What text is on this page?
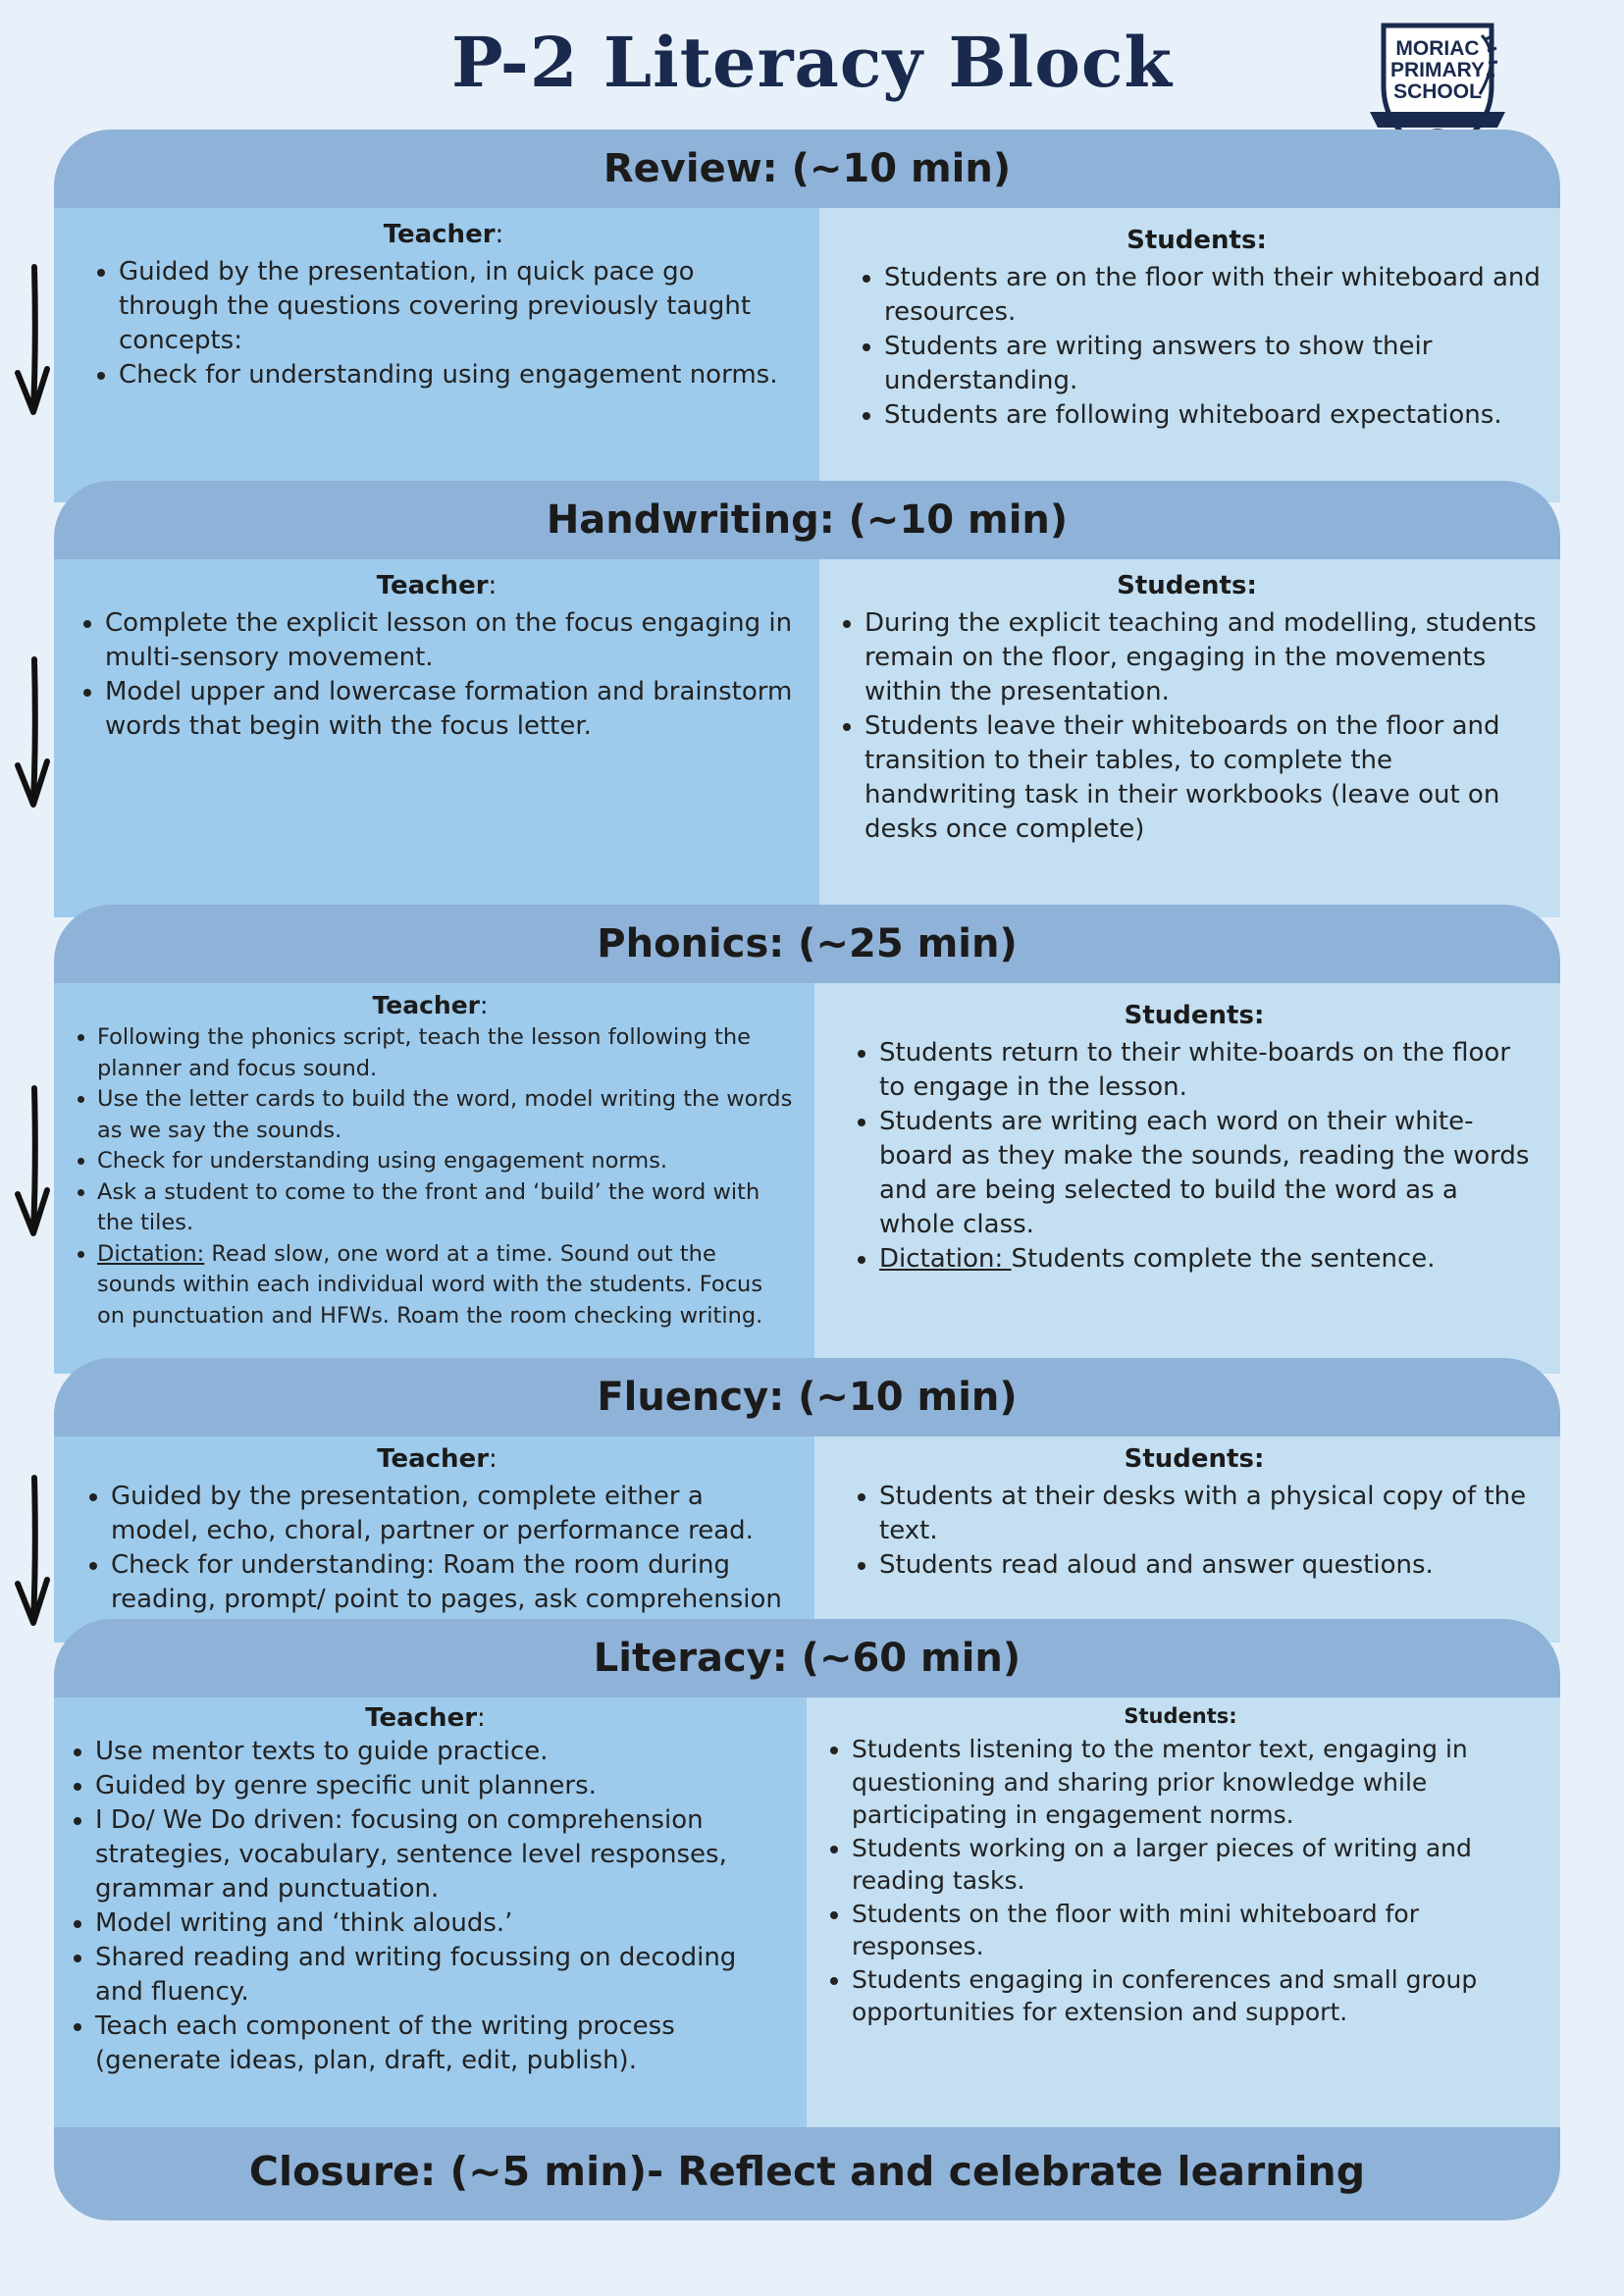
P-2 Literacy Block	MORIAC
PRIMARY
SCHOOL
Review: (~10 min)
Teacher:
• Guided by the presentation, in quick pace go through the questions covering previously taught concepts:
• Check for understanding using engagement norms.
Students:
• Students are on the floor with their whiteboard and resources.
• Students are writing answers to show their understanding.
• Students are following whiteboard expectations.
Handwriting: (~10 min)
Teacher:
• Complete the explicit lesson on the focus engaging in multi-sensory movement.
• Model upper and lowercase formation and brainstorm words that begin with the focus letter.
Students:
• During the explicit teaching and modelling, students remain on the floor, engaging in the movements within the presentation.
• Students leave their whiteboards on the floor and transition to their tables, to complete the handwriting task in their workbooks (leave out on desks once complete)
Phonics: (~25 min)
Teacher:
• Following the phonics script, teach the lesson following the planner and focus sound.
• Use the letter cards to build the word, model writing the words as we say the sounds.
• Check for understanding using engagement norms.
• Ask a student to come to the front and ‘build’ the word with the tiles.
• Dictation: Read slow, one word at a time. Sound out the sounds within each individual word with the students. Focus on punctuation and HFWs. Roam the room checking writing.
Students:
• Students return to their white-boards on the floor to engage in the lesson.
• Students are writing each word on their white-board as they make the sounds, reading the words and are being selected to build the word as a whole class.
• Dictation: Students complete the sentence.
Fluency: (~10 min)
Teacher:
• Guided by the presentation, complete either a model, echo, choral, partner or performance read.
• Check for understanding: Roam the room during reading, prompt/ point to pages, ask comprehension
Students:
• Students at their desks with a physical copy of the text.
• Students read aloud and answer questions.
Literacy: (~60 min)
Teacher:
• Use mentor texts to guide practice.
• Guided by genre specific unit planners.
• I Do/ We Do driven: focusing on comprehension strategies, vocabulary, sentence level responses, grammar and punctuation.
• Model writing and ‘think alouds.’
• Shared reading and writing focussing on decoding and fluency.
• Teach each component of the writing process (generate ideas, plan, draft, edit, publish).
Students:
• Students listening to the mentor text, engaging in questioning and sharing prior knowledge while participating in engagement norms.
• Students working on a larger pieces of writing and reading tasks.
• Students on the floor with mini whiteboard for responses.
• Students engaging in conferences and small group opportunities for extension and support.
Closure: (~5 min)- Reflect and celebrate learning
